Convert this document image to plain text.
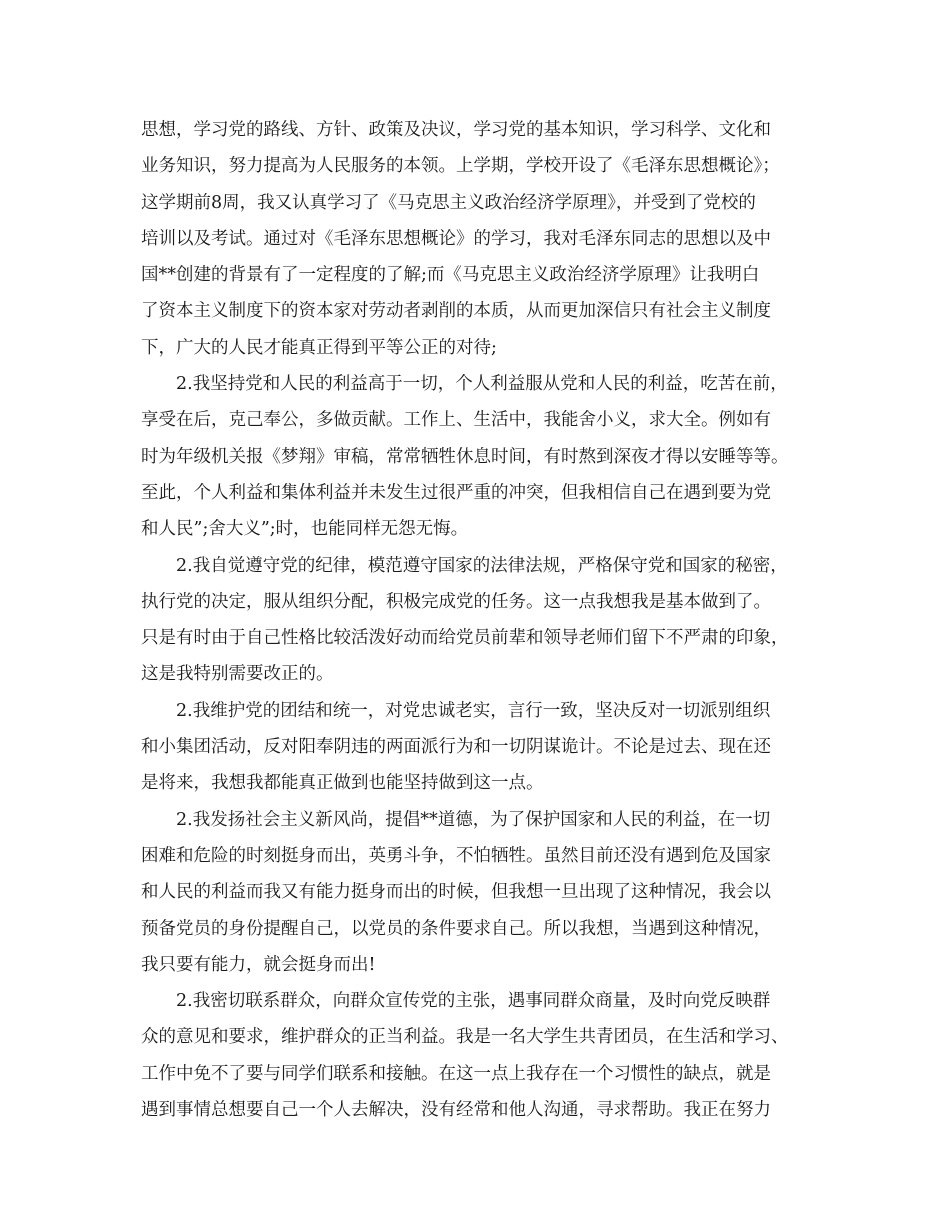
思想，学习党的路线、方针、政策及决议，学习党的基本知识，学习科学、文化和
业务知识，努力提高为人民服务的本领。上学期，学校开设了《毛泽东思想概论》；
这学期前8周，我又认真学习了《马克思主义政治经济学原理》，并受到了党校的
培训以及考试。通过对《毛泽东思想概论》的学习，我对毛泽东同志的思想以及中
国**创建的背景有了一定程度的了解;而《马克思主义政治经济学原理》让我明白
了资本主义制度下的资本家对劳动者剥削的本质，从而更加深信只有社会主义制度
下，广大的人民才能真正得到平等公正的对待;
2.我坚持党和人民的利益高于一切，个人利益服从党和人民的利益，吃苦在前，
享受在后，克己奉公，多做贡献。工作上、生活中，我能舍小义，求大全。例如有
时为年级机关报《梦翔》审稿，常常牺牲休息时间，有时熬到深夜才得以安睡等等。
至此，个人利益和集体利益并未发生过很严重的冲突，但我相信自己在遇到要为党
和人民”;舍大义”;时，也能同样无怨无悔。
2.我自觉遵守党的纪律，模范遵守国家的法律法规，严格保守党和国家的秘密，
执行党的决定，服从组织分配，积极完成党的任务。这一点我想我是基本做到了。
只是有时由于自己性格比较活泼好动而给党员前辈和领导老师们留下不严肃的印象，
这是我特别需要改正的。
2.我维护党的团结和统一，对党忠诚老实，言行一致，坚决反对一切派别组织
和小集团活动，反对阳奉阴违的两面派行为和一切阴谋诡计。不论是过去、现在还
是将来，我想我都能真正做到也能坚持做到这一点。
2.我发扬社会主义新风尚，提倡**道德，为了保护国家和人民的利益，在一切
困难和危险的时刻挺身而出，英勇斗争，不怕牺牲。虽然目前还没有遇到危及国家
和人民的利益而我又有能力挺身而出的时候，但我想一旦出现了这种情况，我会以
预备党员的身份提醒自己，以党员的条件要求自己。所以我想，当遇到这种情况，
我只要有能力，就会挺身而出!
2.我密切联系群众，向群众宣传党的主张，遇事同群众商量，及时向党反映群
众的意见和要求，维护群众的正当利益。我是一名大学生共青团员，在生活和学习、
工作中免不了要与同学们联系和接触。在这一点上我存在一个习惯性的缺点，就是
遇到事情总想要自己一个人去解决，没有经常和他人沟通，寻求帮助。我正在努力
